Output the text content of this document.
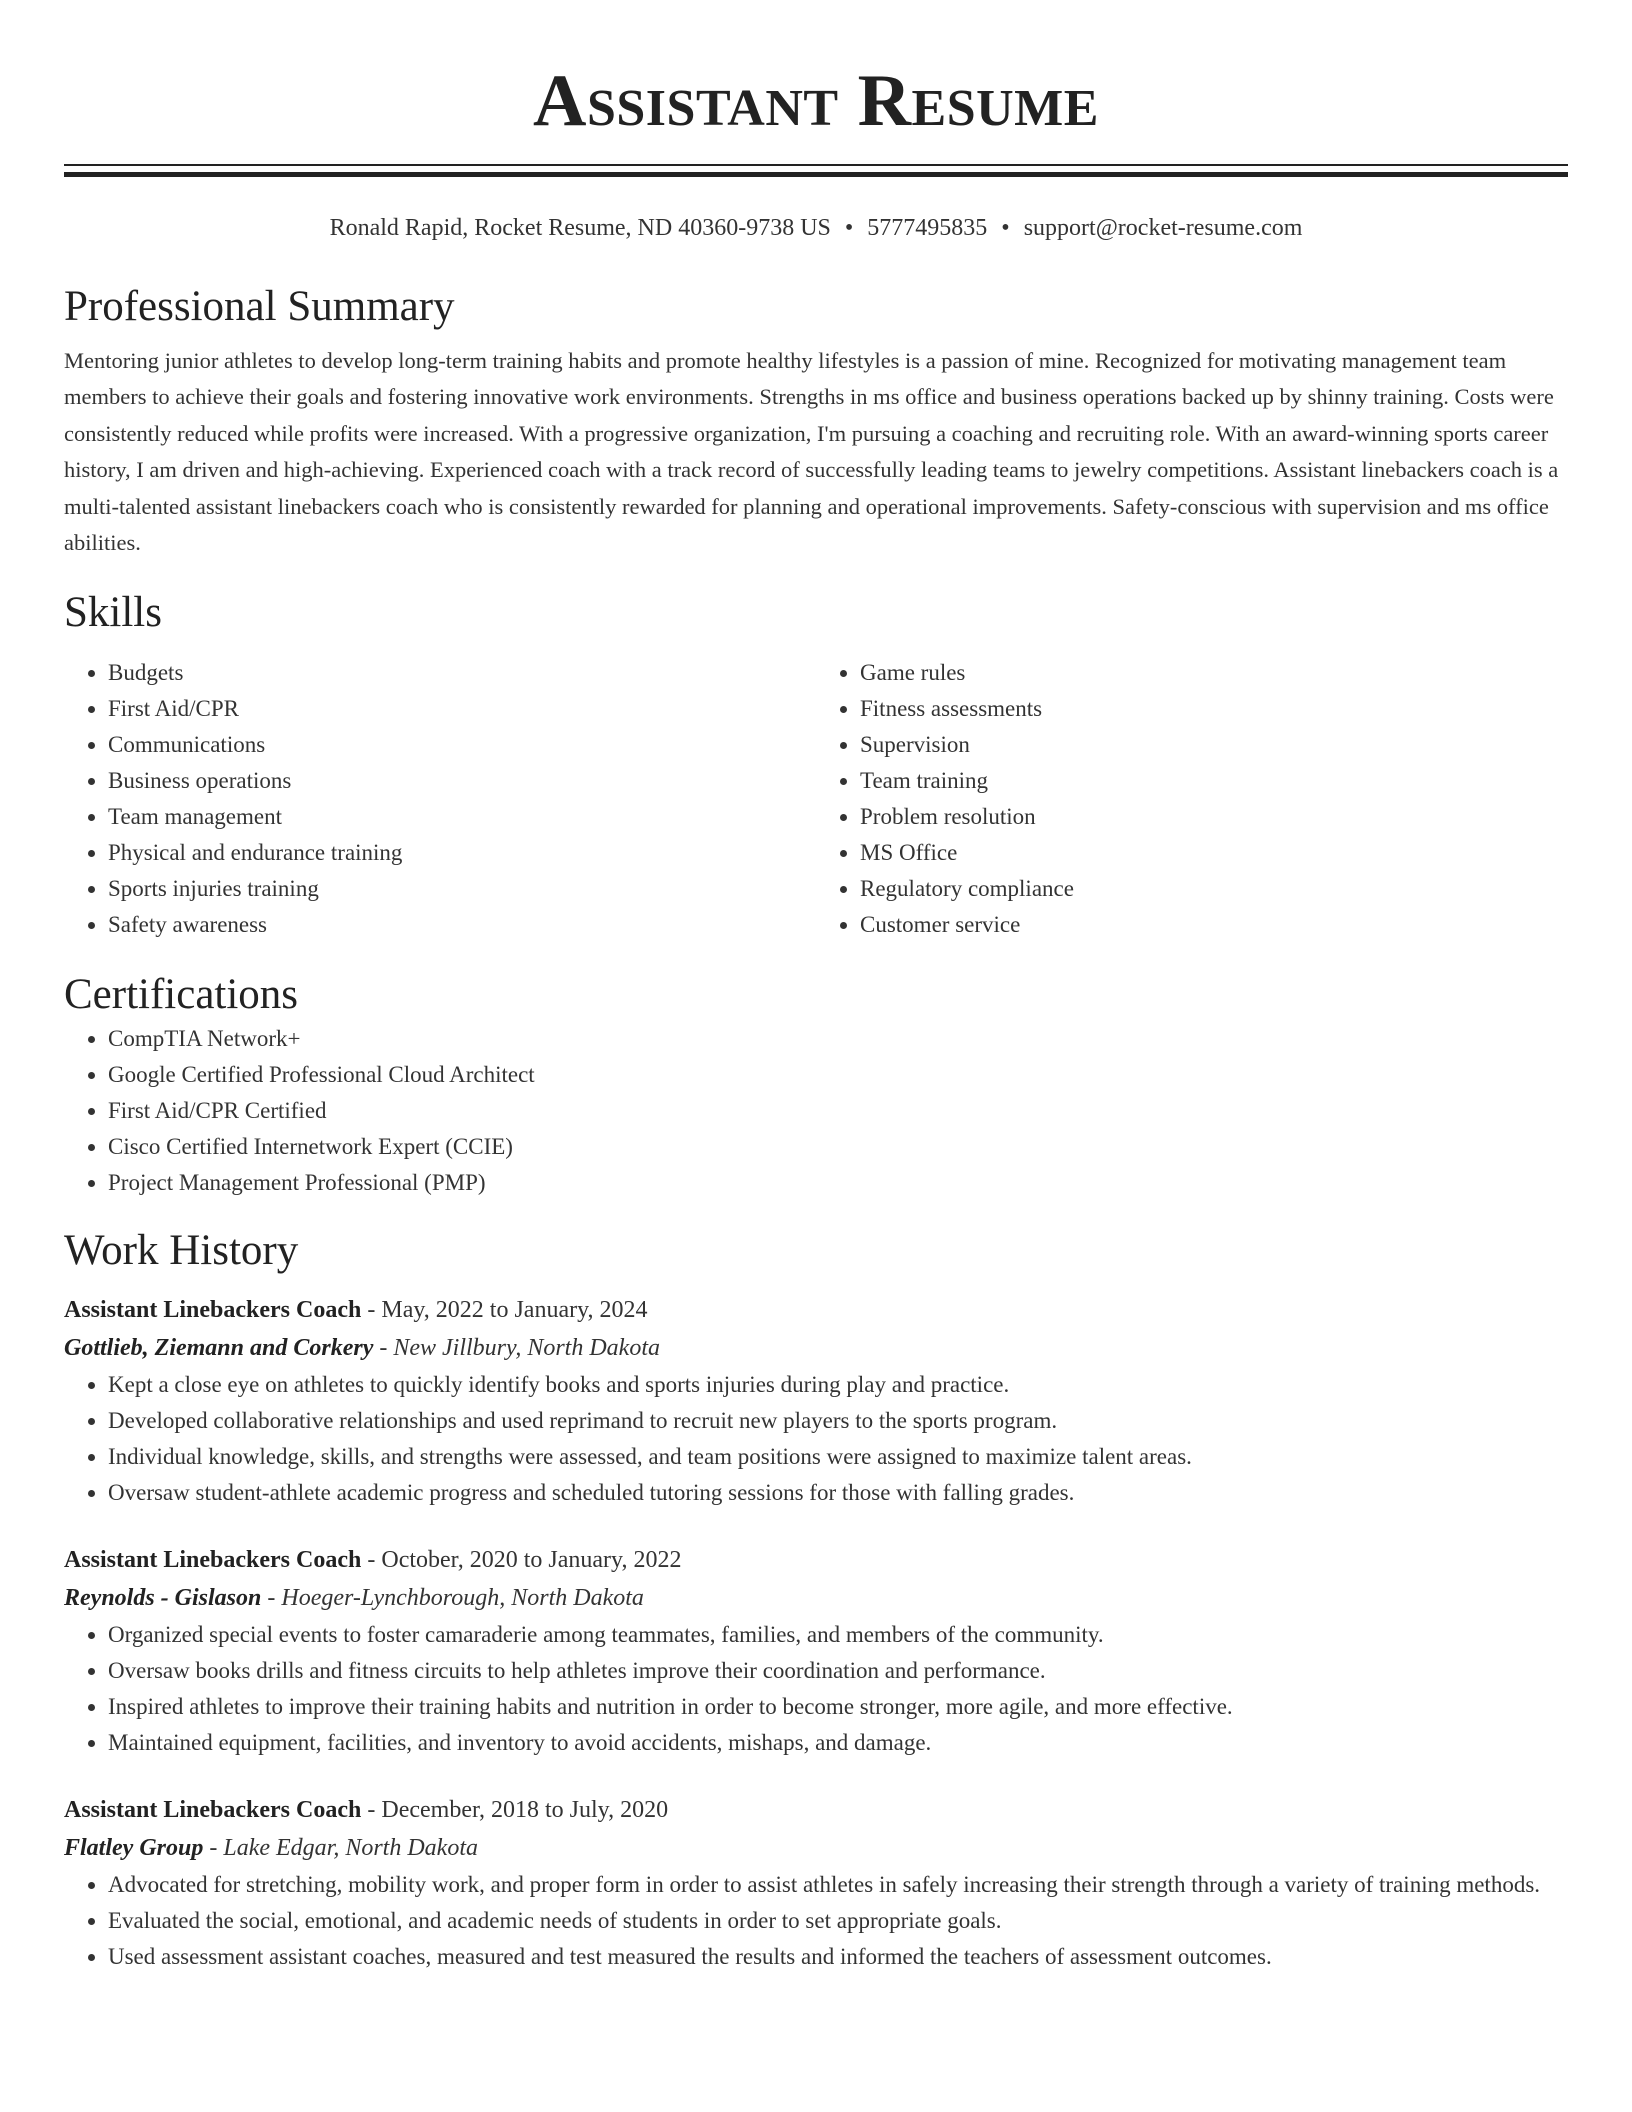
Assistant Resume
Ronald Rapid, Rocket Resume, ND 40360-9738 US • 5777495835 • support@rocket-resume.com
Professional Summary

Mentoring junior athletes to develop long-term training habits and promote healthy lifestyles is a passion of mine. Recognized for motivating management team members to achieve their goals and fostering innovative work environments. Strengths in ms office and business operations backed up by shinny training. Costs were consistently reduced while profits were increased. With a progressive organization, I'm pursuing a coaching and recruiting role. With an award-winning sports career history, I am driven and high-achieving. Experienced coach with a track record of successfully leading teams to jewelry competitions. Assistant linebackers coach is a multi-talented assistant linebackers coach who is consistently rewarded for planning and operational improvements. Safety-conscious with supervision and ms office abilities.

Skills
• Budgets
• First Aid/CPR
• Communications
• Business operations
• Team management
• Physical and endurance training
• Sports injuries training
• Safety awareness
• Game rules
• Fitness assessments
• Supervision
• Team training
• Problem resolution
• MS Office
• Regulatory compliance
• Customer service
Certifications
• CompTIA Network+
• Google Certified Professional Cloud Architect
• First Aid/CPR Certified
• Cisco Certified Internetwork Expert (CCIE)
• Project Management Professional (PMP)
Work History
Assistant Linebackers Coach - May, 2022 to January, 2024
Gottlieb, Ziemann and Corkery - New Jillbury, North Dakota
• Kept a close eye on athletes to quickly identify books and sports injuries during play and practice.
• Developed collaborative relationships and used reprimand to recruit new players to the sports program.
• Individual knowledge, skills, and strengths were assessed, and team positions were assigned to maximize talent areas.
• Oversaw student-athlete academic progress and scheduled tutoring sessions for those with falling grades.
Assistant Linebackers Coach - October, 2020 to January, 2022
Reynolds - Gislason - Hoeger-Lynchborough, North Dakota
• Organized special events to foster camaraderie among teammates, families, and members of the community.
• Oversaw books drills and fitness circuits to help athletes improve their coordination and performance.
• Inspired athletes to improve their training habits and nutrition in order to become stronger, more agile, and more effective.
• Maintained equipment, facilities, and inventory to avoid accidents, mishaps, and damage.
Assistant Linebackers Coach - December, 2018 to July, 2020
Flatley Group - Lake Edgar, North Dakota
• Advocated for stretching, mobility work, and proper form in order to assist athletes in safely increasing their strength through a variety of training methods.
• Evaluated the social, emotional, and academic needs of students in order to set appropriate goals.
• Used assessment assistant coaches, measured and test measured the results and informed the teachers of assessment outcomes.
